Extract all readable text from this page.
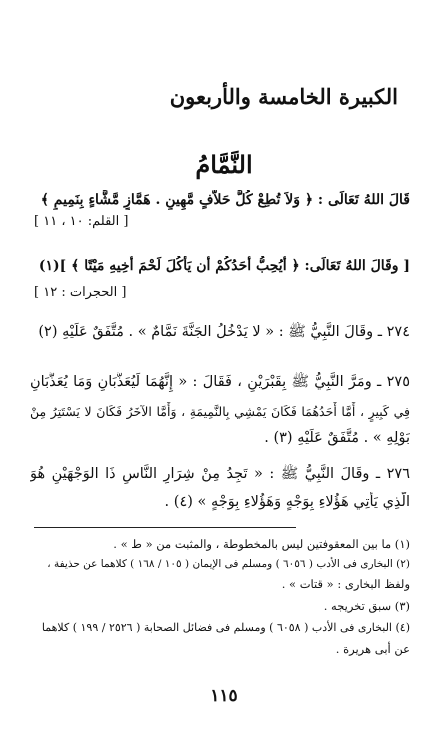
الكبيرة الخامسة والأربعون
النَّمَّامُ
قَالَ اللهُ تَعَالَى : ﴿ وَلاَ تُطِعْ كُلَّ حَلاَّفٍ مَّهِينٍ . هَمَّازٍ مَّشَّاءٍ بِنَمِيمٍ ﴾
[ القلم: ١٠ ، ١١ ]
[ وقَالَ اللهُ تَعَالَى: ﴿ أَيُحِبُّ أَحَدُكُمْ أَن يَأْكُلَ لَحْمَ أَخِيهِ مَيْتًا ﴾ ](١)
[ الحجرات : ١٢ ]
٢٧٤ ـ وقَالَ النَّبِيُّ ﷺ : « لا يَدْخُلُ الجَنَّةَ نَمَّامٌ » . مُتَّفَقٌ عَلَيْهِ (٢)
٢٧٥ ـ ومَرَّ النَّبِيُّ ﷺ بِقَبْرَيْنِ ، فَقَالَ : « إِنَّهُمَا لَيُعَذَّبَانِ وَمَا يُعَذَّبَانِ
فِي كَبِيرٍ ، أَمَّا أَحَدُهُمَا فَكَانَ يَمْشِي بِالنَّمِيمَةِ ، وَأَمَّا الآخَرُ فَكَانَ لا يَسْتَتِرُ مِنْ
بَوْلِهِ » . مُتَّفَقٌ عَلَيْهِ (٣) .
٢٧٦ ـ وقَالَ النَّبِيُّ ﷺ : « تَجِدُ مِنْ شِرَارِ النَّاسِ ذَا الوَجْهَيْنِ هُوَ
الَّذِي يَأْتِي هَؤُلاءِ بِوَجْهٍ وَهَؤُلاءِ بِوَجْهٍ » (٤) .
(١) ما بين المعقوفتين ليس بالمخطوطة ، والمثبت من « ط » .
(٢) البخارى فى الأدب ( ٦٠٥٦ ) ومسلم فى الإيمان ( ١٠٥ / ١٦٨ ) كلاهما عن حذيفة ،
ولفظ البخارى : « قتات » .
(٣) سبق تخريجه .
(٤) البخارى فى الأدب ( ٦٠٥٨ ) ومسلم فى فضائل الصحابة ( ٢٥٢٦ / ١٩٩ ) كلاهما
عن أبى هريرة .
١١٥
